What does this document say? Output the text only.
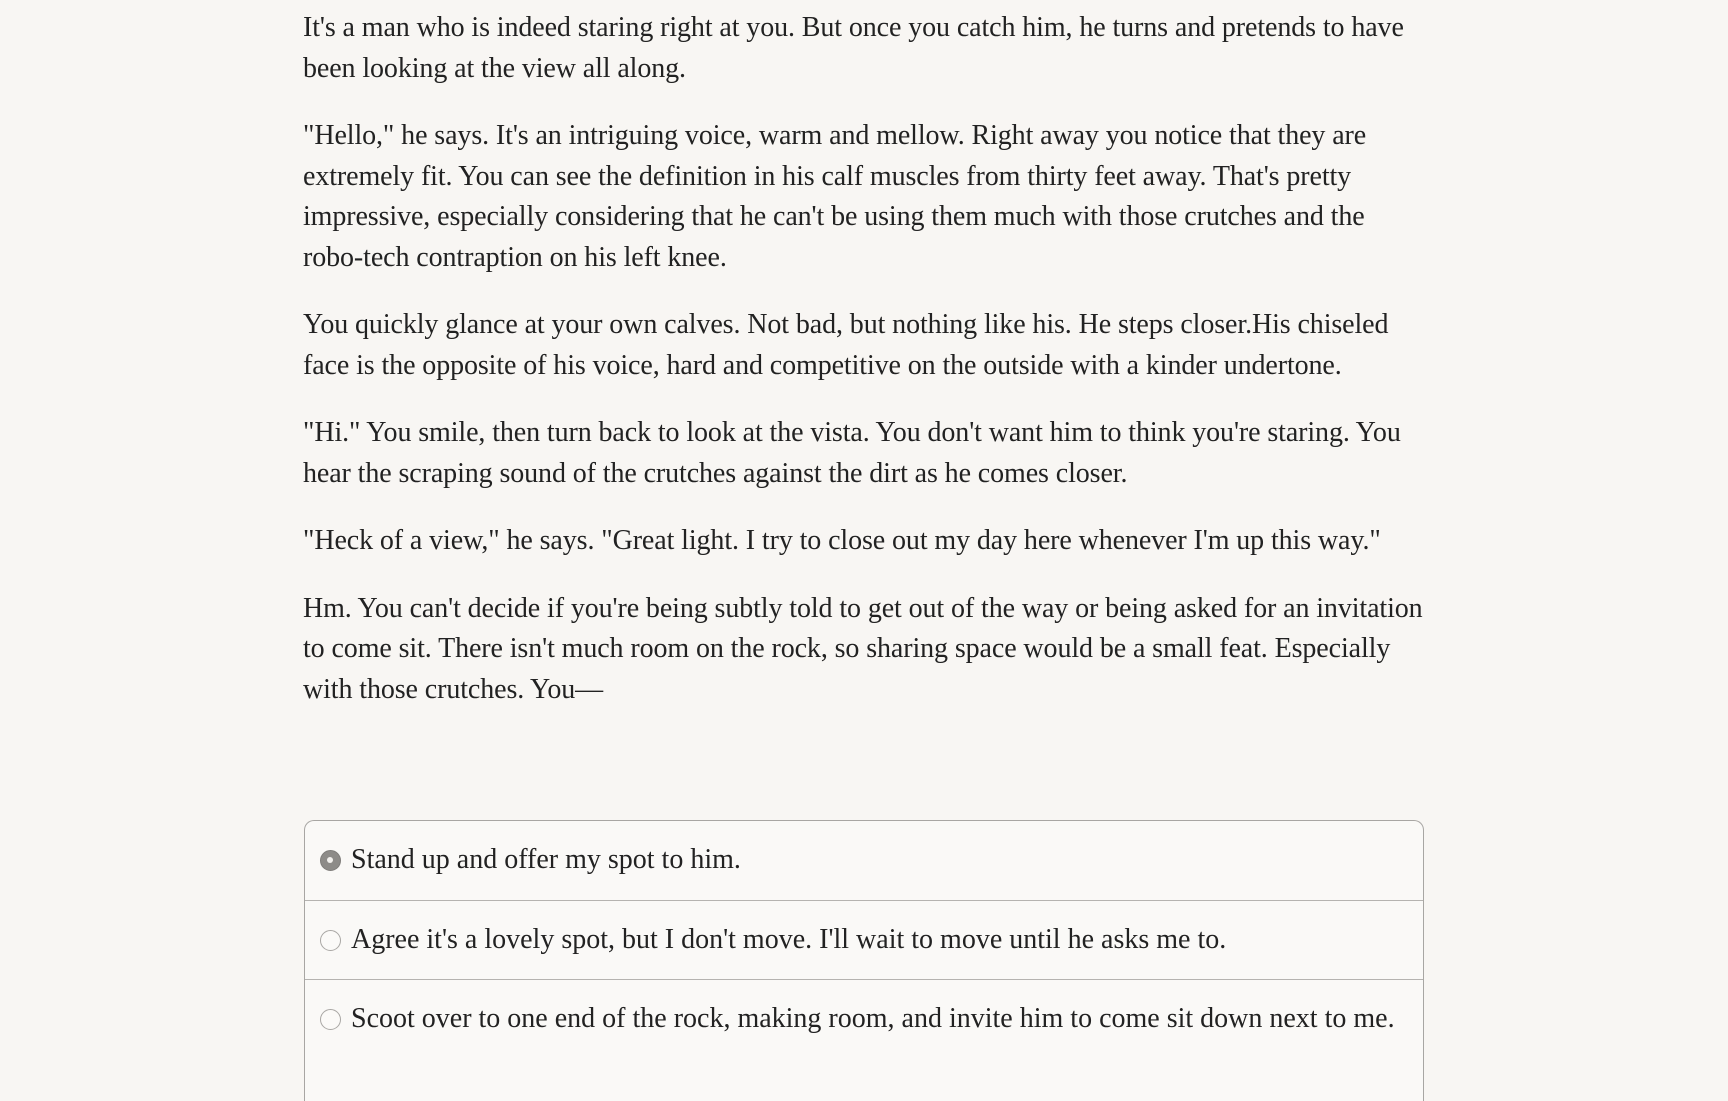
It's a man who is indeed staring right at you. But once you catch him, he turns and pretends to have been looking at the view all along.

"Hello," he says. It's an intriguing voice, warm and mellow. Right away you notice that they are extremely fit. You can see the definition in his calf muscles from thirty feet away. That's pretty impressive, especially considering that he can't be using them much with those crutches and the robo-tech contraption on his left knee.

You quickly glance at your own calves. Not bad, but nothing like his. He steps closer.His chiseled face is the opposite of his voice, hard and competitive on the outside with a kinder undertone.

"Hi." You smile, then turn back to look at the vista. You don't want him to think you're staring. You hear the scraping sound of the crutches against the dirt as he comes closer.

"Heck of a view," he says. "Great light. I try to close out my day here whenever I'm up this way."

Hm. You can't decide if you're being subtly told to get out of the way or being asked for an invitation to come sit. There isn't much room on the rock, so sharing space would be a small feat. Especially with those crutches. You—

Stand up and offer my spot to him.
Agree it's a lovely spot, but I don't move. I'll wait to move until he asks me to.
Scoot over to one end of the rock, making room, and invite him to come sit down next to me.
